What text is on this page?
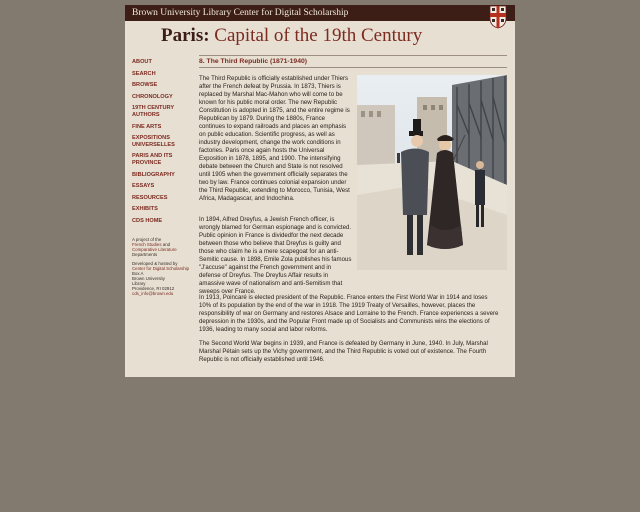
Brown University Library Center for Digital Scholarship
Paris: Capital of the 19th Century
ABOUT
SEARCH
BROWSE
CHRONOLOGY
19TH CENTURY AUTHORS
FINE ARTS
EXPOSITIONS UNIVERSELLES
PARIS AND ITS PROVINCE
BIBLIOGRAPHY
ESSAYS
RESOURCES
EXHIBITS
CDS HOME
A project of the
French Studies and
Comparative Literature
Departments
Developed & hosted by
Center for Digital Scholarship
Box A
Brown University
Library
Providence, RI 02912
cds_info@brown.edu
8. The Third Republic (1871-1940)
The Third Republic is officially established under Thiers after the French defeat by Prussia. In 1873, Thiers is replaced by Marshal Mac-Mahon who will come to be known for his public moral order. The new Republic Constitution is adopted in 1875, and the entire regime is Republican by 1879. During the 1880s, France continues to expand railroads and places an emphasis on public education. Scientific progress, as well as industry development, change the work conditions in factories. Paris once again hosts the Universal Exposition in 1878, 1895, and 1900. The intensifying debate between the Church and State is not resolved until 1905 when the government officially separates the two by law. France continues colonial expansion under the Third Republic, extending to Morocco, Tunisia, West Africa, Madagascar, and Indochina.
In 1894, Alfred Dreyfus, a Jewish French officer, is wrongly blamed for German espionage and is convicted. Public opinion in France is dividedfor the next decade between those who believe that Dreyfus is guilty and those who claim he is a mere scapegoat for an anti-Semitic cause. In 1898, Emile Zola publishes his famous "J'accuse" against the French government and in defense of Dreyfus. The Dreyfus Affair results in amassive wave of nationalism and anti-Semitism that sweeps over France.
In 1913, Poincaré is elected president of the Republic. France enters the First World War in 1914 and loses 10% of its population by the end of the war in 1918. The 1919 Treaty of Versailles, however, places the responsibility of war on Germany and restores Alsace and Lorraine to the French. France experiences a severe depression in the 1930s, and the Popular Front made up of Socialists and Communists wins the elections of 1936, leading to many social and labor reforms.
The Second World War begins in 1939, and France is defeated by Germany in June, 1940. In July, Marshal Marshal Pétain sets up the Vichy government, and the Third Republic is voted out of existence. The Fourth Republic is not officially established until 1946.
